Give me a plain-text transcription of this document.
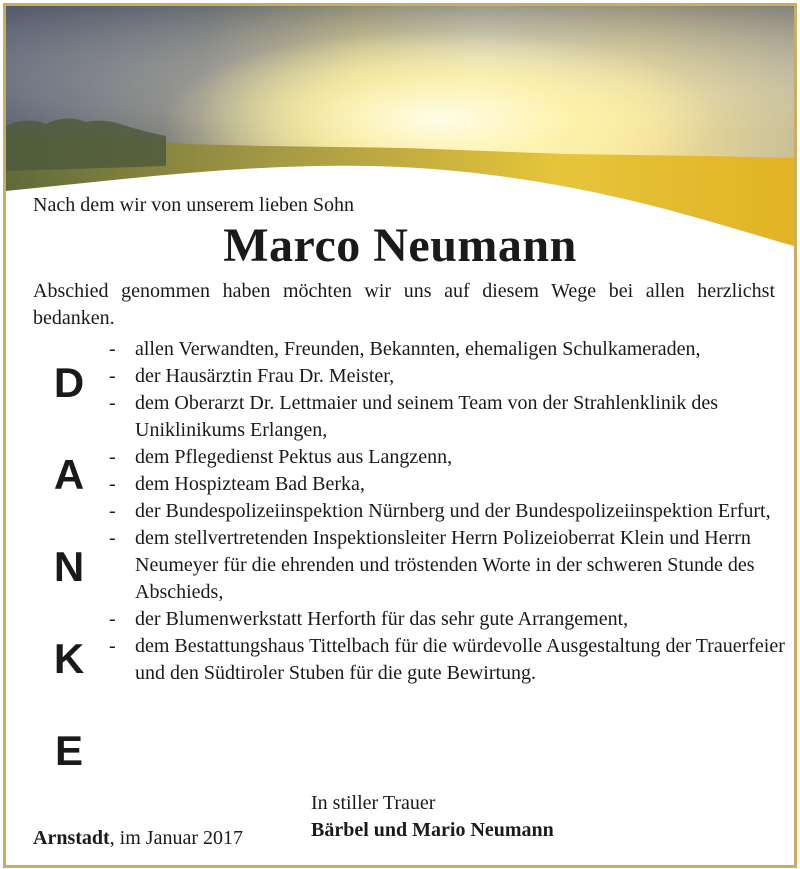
Nach dem wir von unserem lieben Sohn

Marco Neumann

Abschied genommen haben möchten wir uns auf diesem Wege bei allen herzlichst bedanken.

D
A
N
K
E
- allen Verwandten, Freunden, Bekannten, ehemaligen Schulkameraden,
- der Hausärztin Frau Dr. Meister,
- dem Oberarzt Dr. Lettmaier und seinem Team von der Strahlenklinik des Uniklinikums Erlangen,
- dem Pflegedienst Pektus aus Langzenn,
- dem Hospizteam Bad Berka,
- der Bundespolizeiinspektion Nürnberg und der Bundespolizeiinspektion Erfurt,
- dem stellvertretenden Inspektionsleiter Herrn Polizeioberrat Klein und Herrn Neumeyer für die ehrenden und tröstenden Worte in der schweren Stunde des Abschieds,
- der Blumenwerkstatt Herforth für das sehr gute Arrangement,
- dem Bestattungshaus Tittelbach für die würdevolle Ausgestaltung der Trauerfeier und den Südtiroler Stuben für die gute Bewirtung.
In stiller Trauer
Bärbel und Mario Neumann
Arnstadt, im Januar 2017
